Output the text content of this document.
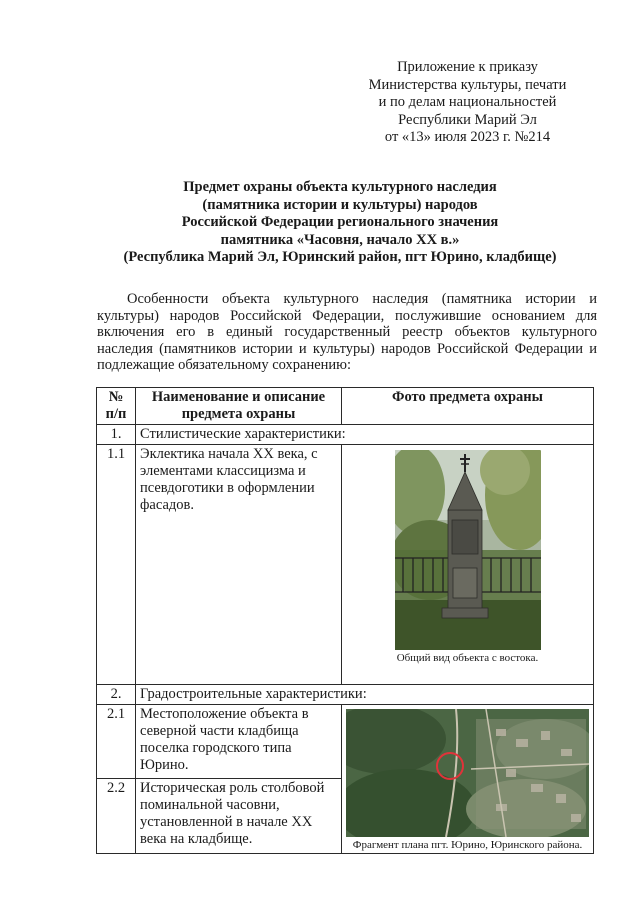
Приложение к приказу
Министерства культуры, печати
и по делам национальностей
Республики Марий Эл
от «13» июля 2023 г. №214
Предмет охраны объекта культурного наследия
(памятника истории и культуры) народов
Российской Федерации регионального значения
памятника «Часовня, начало XX в.»
(Республика Марий Эл, Юринский район, пгт Юрино, кладбище)

Особенности объекта культурного наследия (памятника истории и культуры) народов Российской Федерации, послужившие основанием для включения его в единый государственный реестр объектов культурного наследия (памятников истории и культуры) народов Российской Федерации и подлежащие обязательному сохранению:

№ п/п	Наименование и описание предмета охраны	Фото предмета охраны
1.	Стилистические характеристики:	
1.1	Эклектика начала XX века, с элементами классицизма и псевдоготики в оформлении фасадов.	Общий вид объекта с востока.

2.	Градостроительные характеристики:	
2.1	Местоположение объекта в северной части кладбища поселка городского типа Юрино.	Фрагмент плана пгт. Юрино, Юринского района.

2.2	Историческая роль столбовой поминальной часовни, установленной в начале XX века на кладбище.	
